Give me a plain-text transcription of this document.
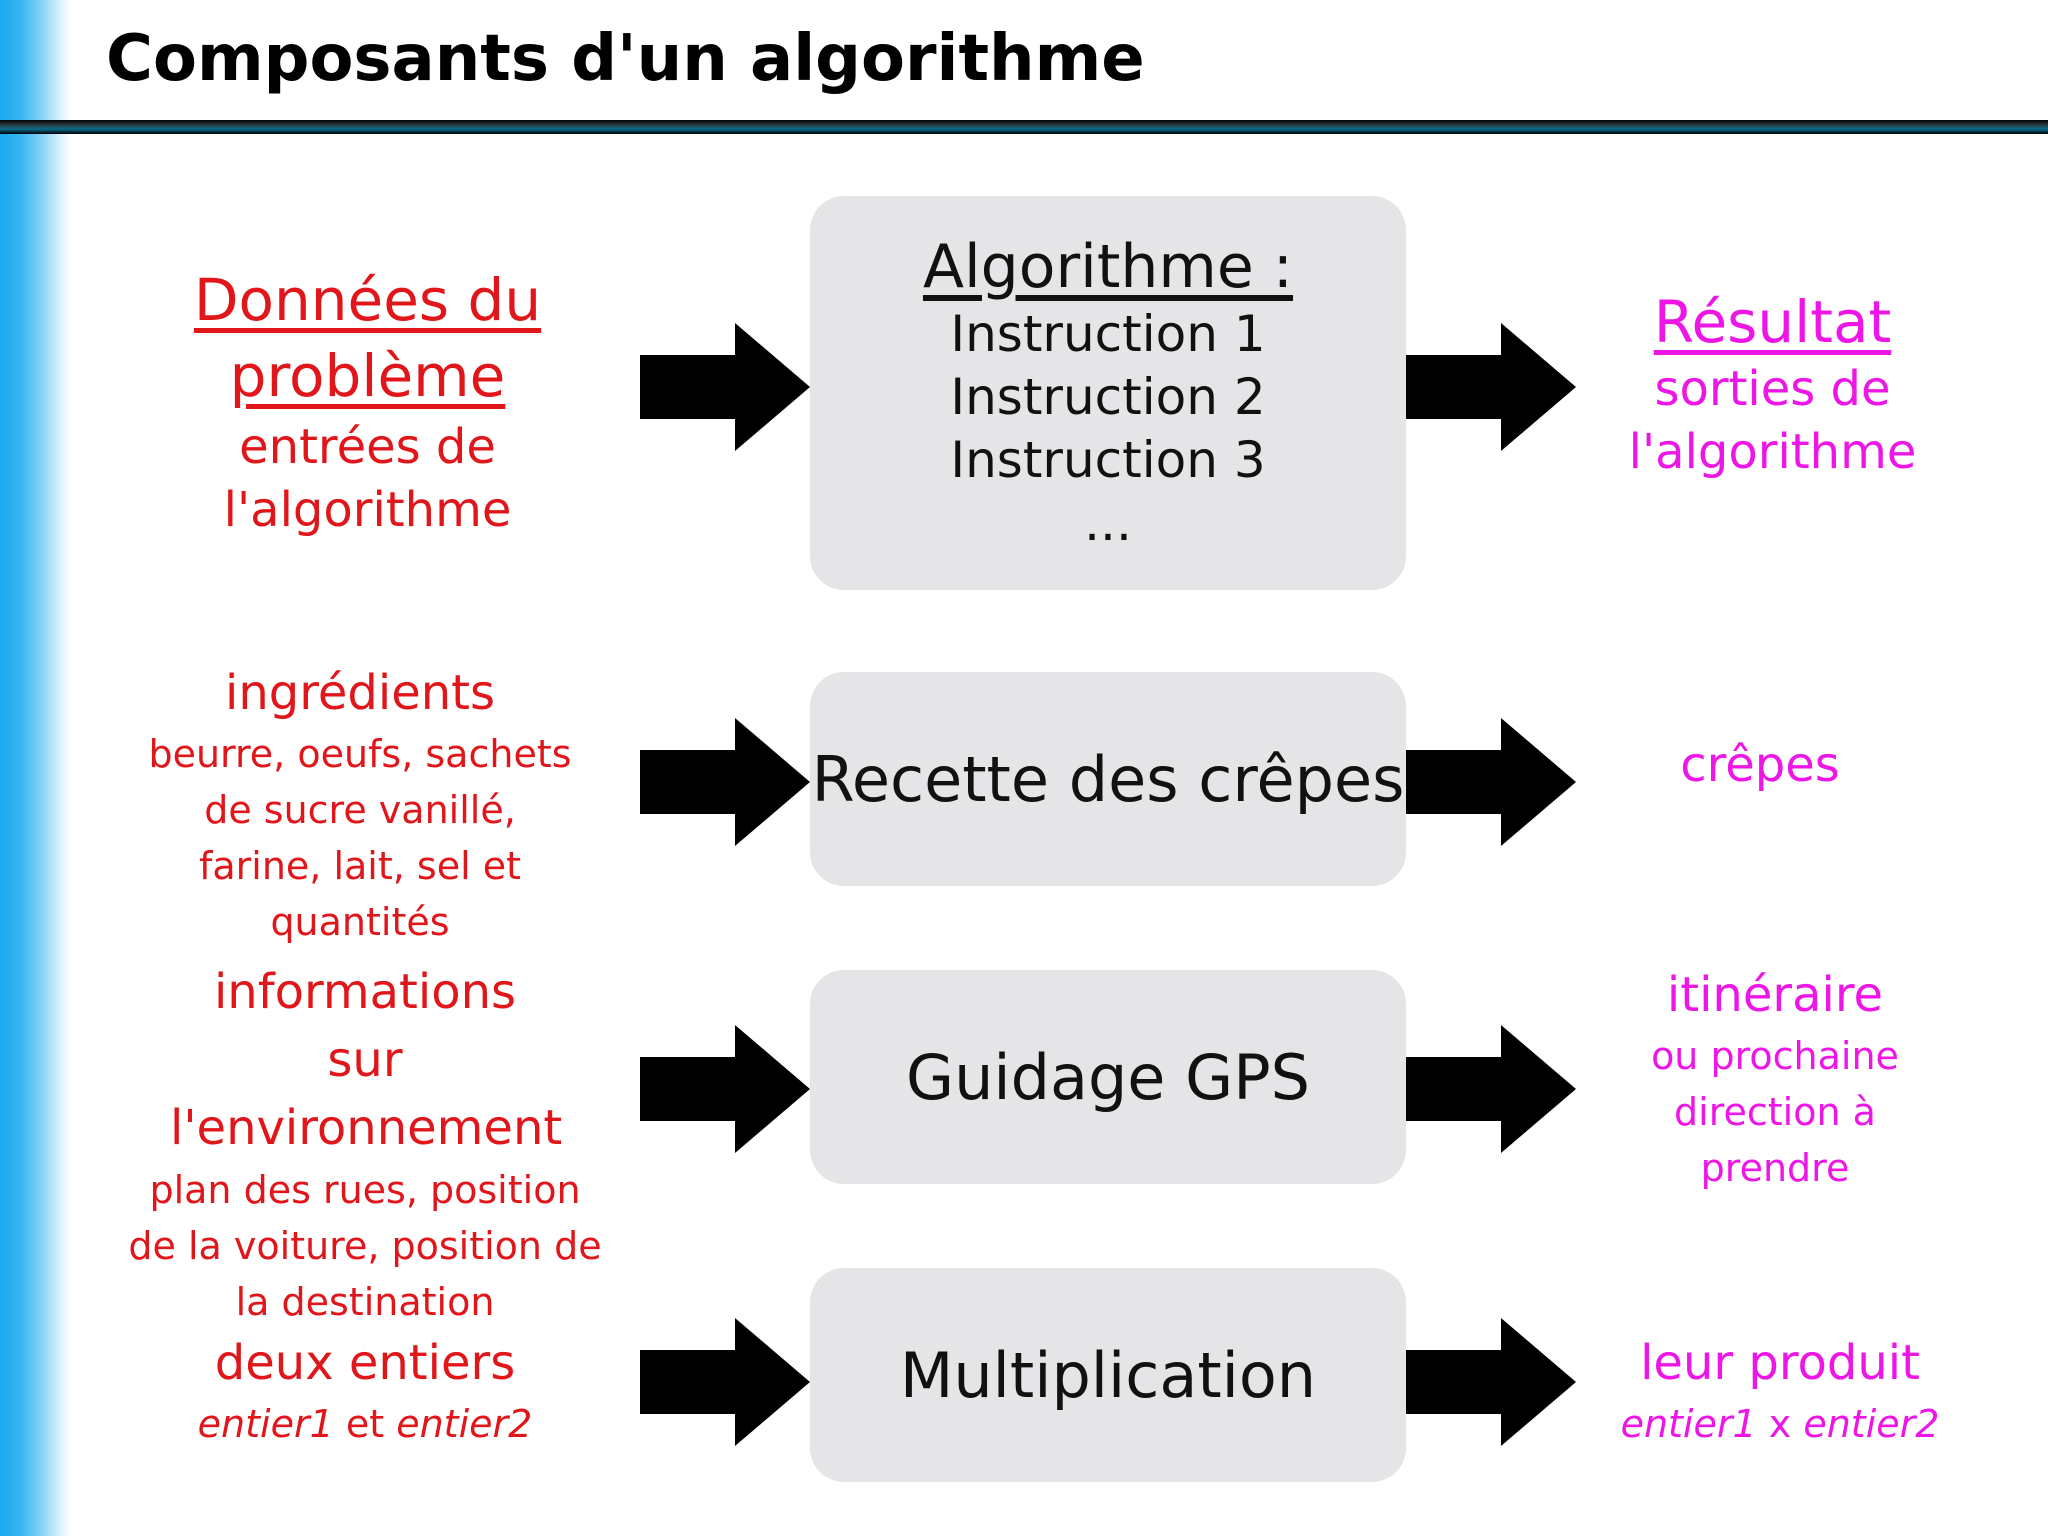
Composants d'un algorithme
Données du problème
entrées de l'algorithme
Algorithme :
Instruction 1
Instruction 2
Instruction 3
...
Résultat
sorties de l'algorithme
ingrédients
beurre, oeufs, sachets de sucre vanillé, farine, lait, sel et quantités
Recette des crêpes	crêpes
informations sur l'environnement
plan des rues, position de la voiture, position de la destination
Guidage GPS
itinéraire
ou prochaine direction à prendre
deux entiers
entier1 et entier2
Multiplication	leur produit
entier1 x entier2
